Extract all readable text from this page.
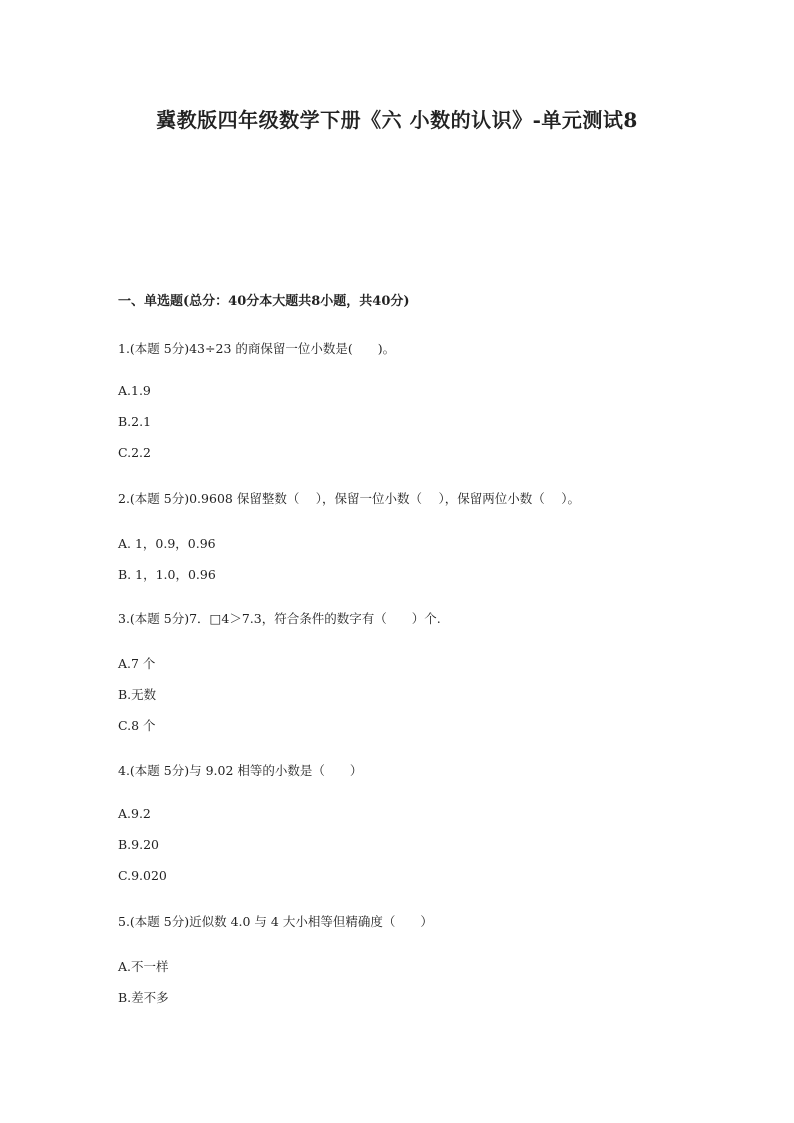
冀教版四年级数学下册《六 小数的认识》-单元测试8
一、单选题(总分：40分本大题共8小题，共40分)
1.(本题 5分)43÷23 的商保留一位小数是(　　)。
A.1.9
B.2.1
C.2.2
2.(本题 5分)0.9608 保留整数（　 ），保留一位小数（　 ），保留两位小数（　 ）。
A. 1，0.9，0.96
B. 1，1.0，0.96
3.(本题 5分)7．□4＞7.3，符合条件的数字有（　　）个.
A.7 个
B.无数
C.8 个
4.(本题 5分)与 9.02 相等的小数是（　　）
A.9.2
B.9.20
C.9.020
5.(本题 5分)近似数 4.0 与 4 大小相等但精确度（　　）
A.不一样
B.差不多
